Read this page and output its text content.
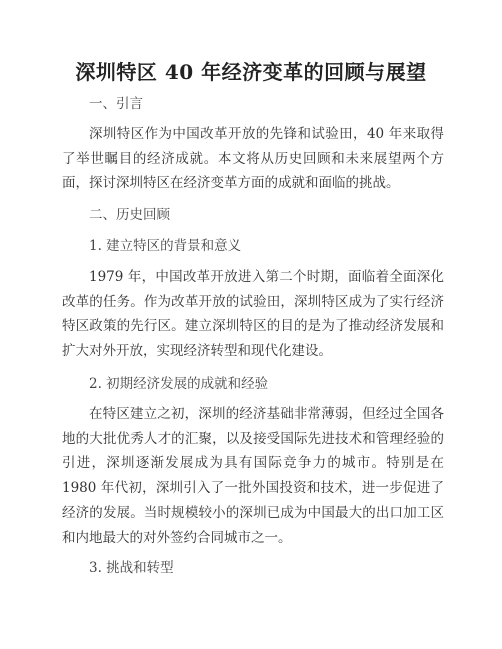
深圳特区 40 年经济变革的回顾与展望
一、引言

深圳特区作为中国改革开放的先锋和试验田，40 年来取得了举世瞩目的经济成就。本文将从历史回顾和未来展望两个方面，探讨深圳特区在经济变革方面的成就和面临的挑战。

二、历史回顾
1. 建立特区的背景和意义

1979 年，中国改革开放进入第二个时期，面临着全面深化改革的任务。作为改革开放的试验田，深圳特区成为了实行经济特区政策的先行区。建立深圳特区的目的是为了推动经济发展和扩大对外开放，实现经济转型和现代化建设。

2. 初期经济发展的成就和经验

在特区建立之初，深圳的经济基础非常薄弱，但经过全国各地的大批优秀人才的汇聚，以及接受国际先进技术和管理经验的引进，深圳逐渐发展成为具有国际竞争力的城市。特别是在 1980 年代初，深圳引入了一批外国投资和技术，进一步促进了经济的发展。当时规模较小的深圳已成为中国最大的出口加工区和内地最大的对外签约合同城市之一。

3. 挑战和转型
